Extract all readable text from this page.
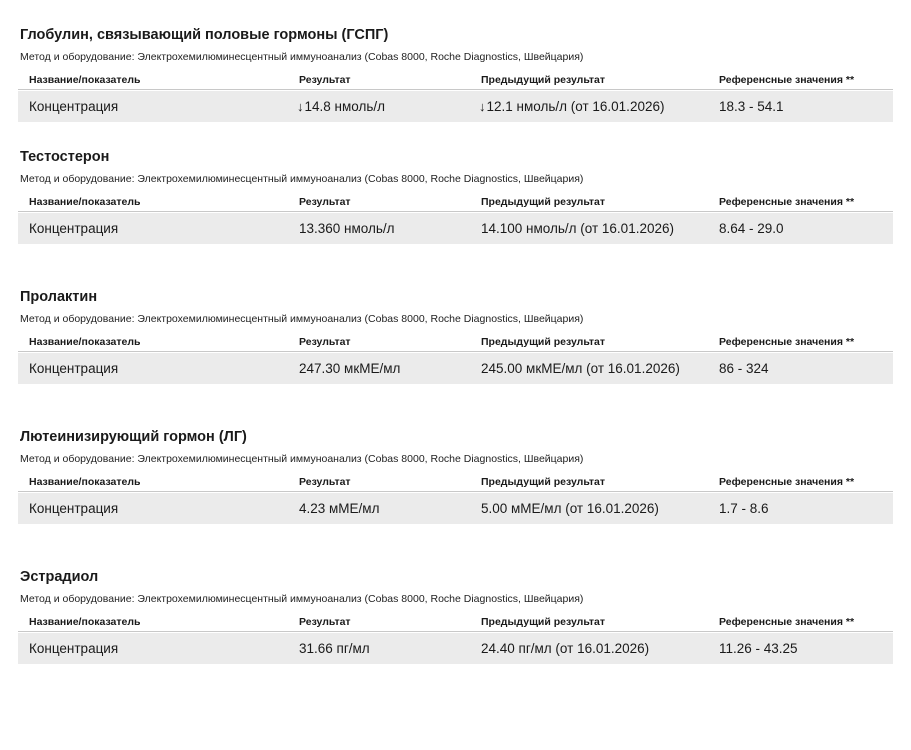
Глобулин, связывающий половые гормоны (ГСПГ)
Метод и оборудование: Электрохемилюминесцентный иммуноанализ (Cobas 8000, Roche Diagnostics, Швейцария)
Название/показатель	Результат	Предыдущий результат	Референсные значения **
Концентрация	↓14.8 нмоль/л	↓12.1 нмоль/л (от 16.01.2026)	18.3 - 54.1
Тестостерон
Метод и оборудование: Электрохемилюминесцентный иммуноанализ (Cobas 8000, Roche Diagnostics, Швейцария)
Название/показатель	Результат	Предыдущий результат	Референсные значения **
Концентрация	13.360 нмоль/л	14.100 нмоль/л (от 16.01.2026)	8.64 - 29.0
Пролактин
Метод и оборудование: Электрохемилюминесцентный иммуноанализ (Cobas 8000, Roche Diagnostics, Швейцария)
Название/показатель	Результат	Предыдущий результат	Референсные значения **
Концентрация	247.30 мкМЕ/мл	245.00 мкМЕ/мл (от 16.01.2026)	86 - 324
Лютеинизирующий гормон (ЛГ)
Метод и оборудование: Электрохемилюминесцентный иммуноанализ (Cobas 8000, Roche Diagnostics, Швейцария)
Название/показатель	Результат	Предыдущий результат	Референсные значения **
Концентрация	4.23 мМЕ/мл	5.00 мМЕ/мл (от 16.01.2026)	1.7 - 8.6
Эстрадиол
Метод и оборудование: Электрохемилюминесцентный иммуноанализ (Cobas 8000, Roche Diagnostics, Швейцария)
Название/показатель	Результат	Предыдущий результат	Референсные значения **
Концентрация	31.66 пг/мл	24.40 пг/мл (от 16.01.2026)	11.26 - 43.25
